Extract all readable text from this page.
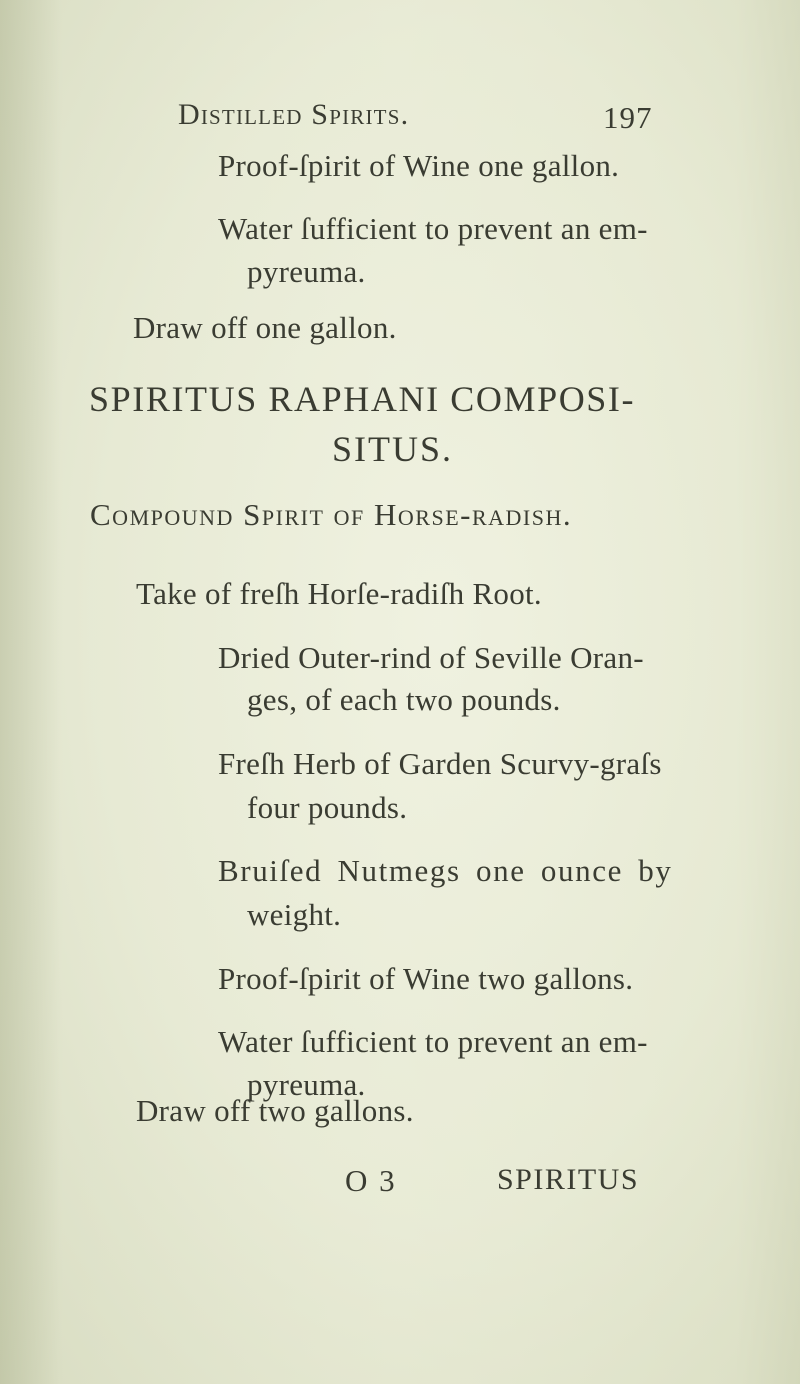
Distilled Spirits.	197
Proof-ſpirit of Wine one gallon.
Water ſufficient to prevent an em-
pyreuma.
Draw off one gallon.
SPIRITUS RAPHANI COMPOSI-
SITUS.
Compound Spirit of Horse-radish.
Take of freſh Horſe-radiſh Root.
Dried Outer-rind of Seville Oran-
ges, of each two pounds.
Freſh Herb of Garden Scurvy-graſs
four pounds.
Bruiſed Nutmegs one ounce by
weight.
Proof-ſpirit of Wine two gallons.
Water ſufficient to prevent an em-
pyreuma.
Draw off two gallons.
O 3	SPIRITUS
